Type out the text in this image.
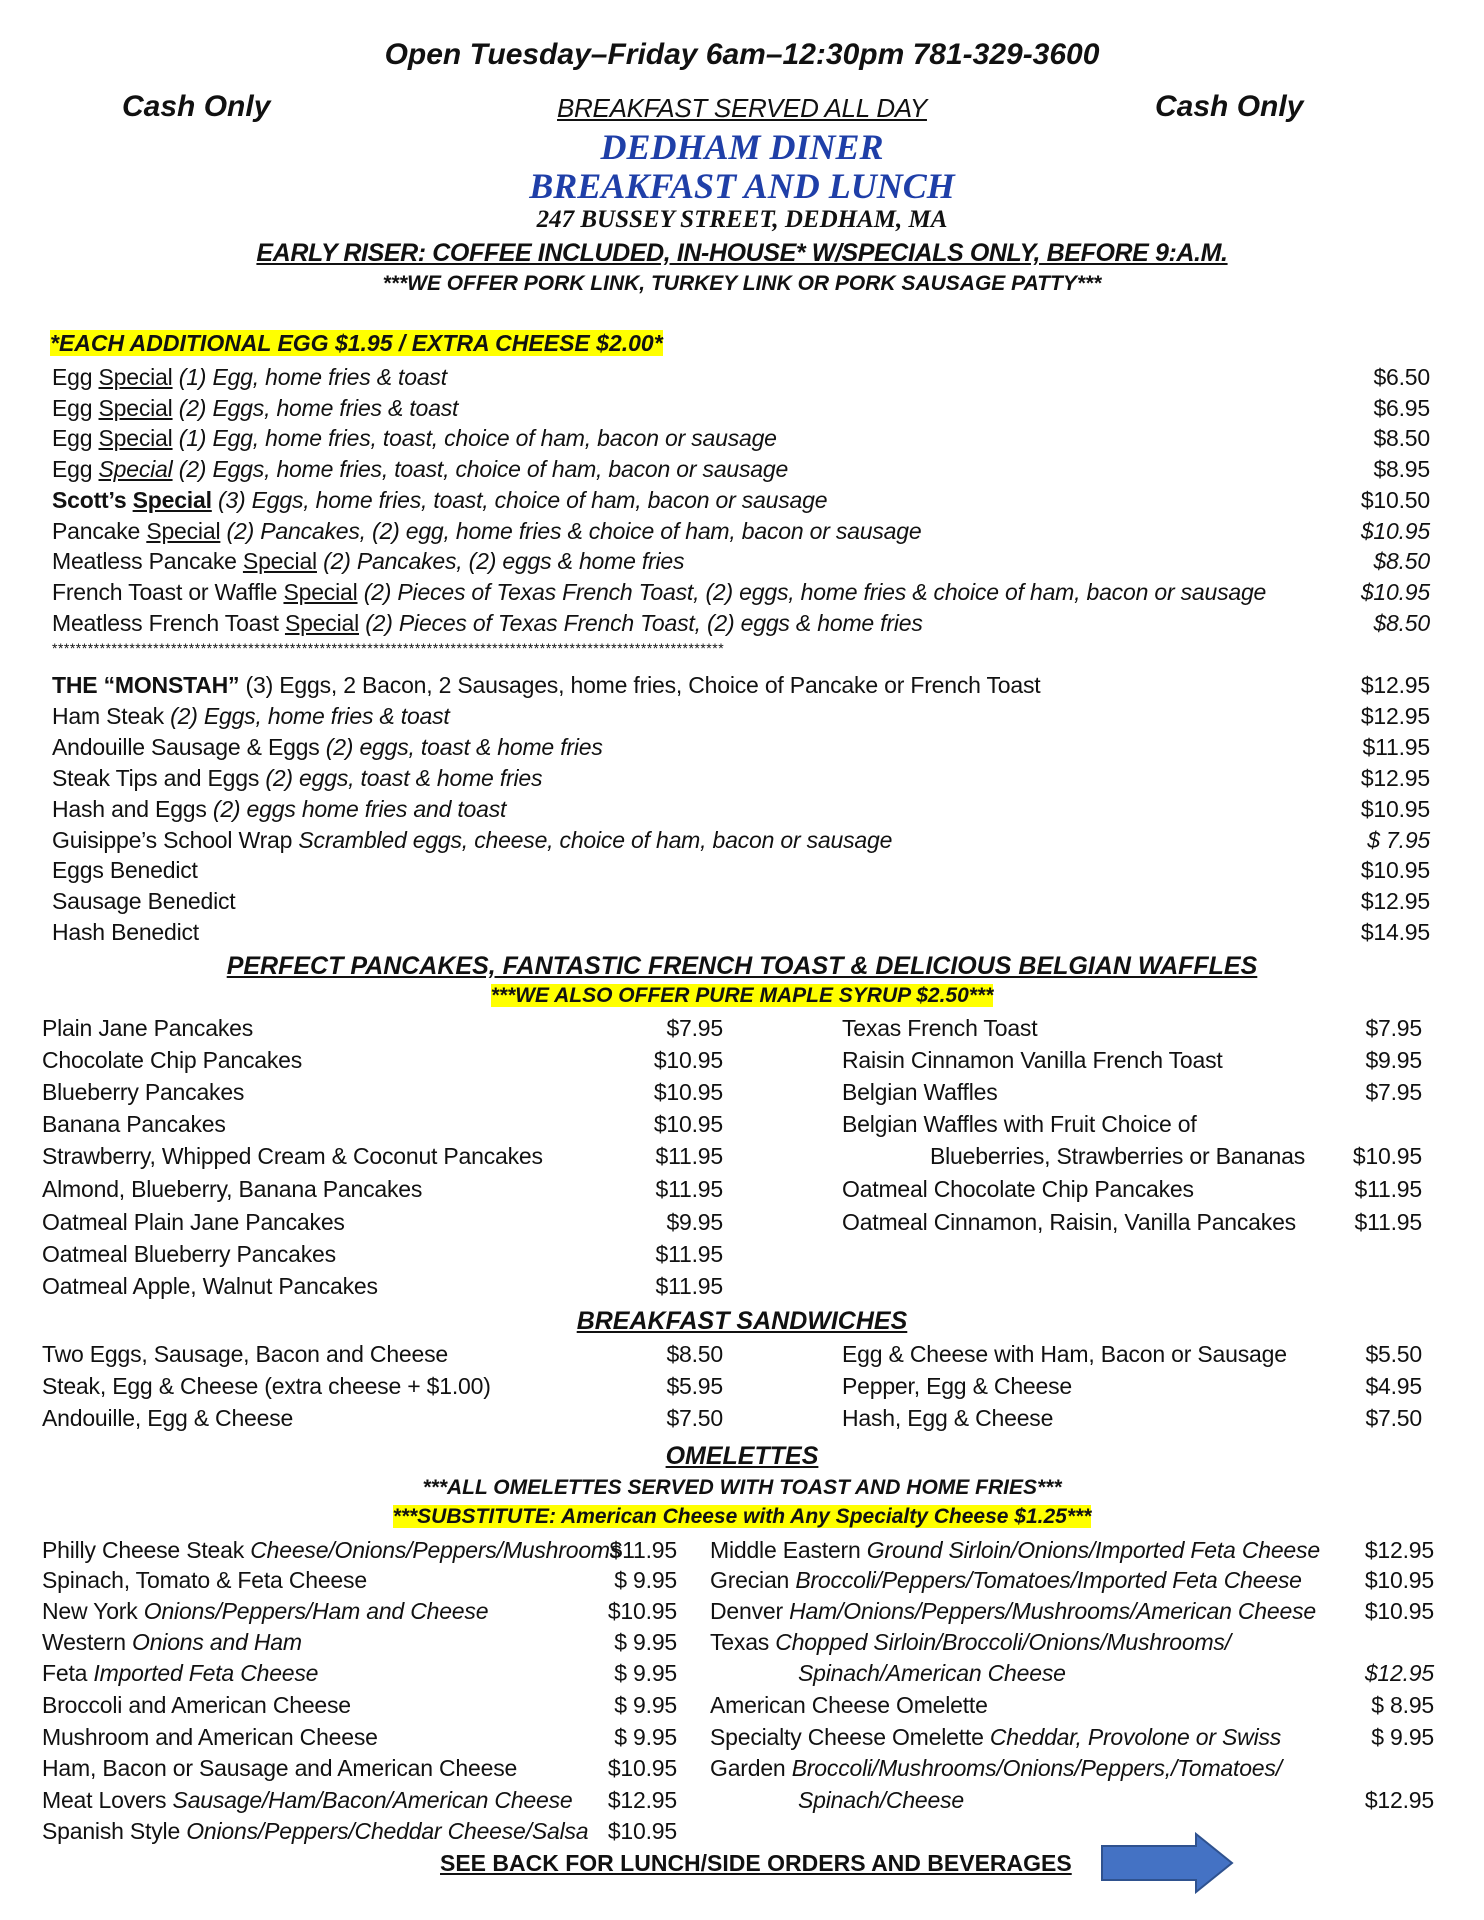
Open Tuesday–Friday 6am–12:30pm 781-329-3600
Cash Only	Cash Only
BREAKFAST SERVED ALL DAY
DEDHAM DINER
BREAKFAST AND LUNCH
247 BUSSEY STREET, DEDHAM, MA
EARLY RISER: COFFEE INCLUDED, IN-HOUSE* W/SPECIALS ONLY, BEFORE 9:A.M.
***WE OFFER PORK LINK, TURKEY LINK OR PORK SAUSAGE PATTY***
*EACH ADDITIONAL EGG $1.95 / EXTRA CHEESE $2.00*
Egg Special (1) Egg, home fries & toast	$6.50
Egg Special (2) Eggs, home fries & toast	$6.95
Egg Special (1) Egg, home fries, toast, choice of ham, bacon or sausage	$8.50
Egg Special (2) Eggs, home fries, toast, choice of ham, bacon or sausage	$8.95
Scott’s Special (3) Eggs, home fries, toast, choice of ham, bacon or sausage	$10.50
Pancake Special (2) Pancakes, (2) egg, home fries & choice of ham, bacon or sausage	$10.95
Meatless Pancake Special (2) Pancakes, (2) eggs & home fries	$8.50
French Toast or Waffle Special (2) Pieces of Texas French Toast, (2) eggs, home fries & choice of ham, bacon or sausage	$10.95
Meatless French Toast Special (2) Pieces of Texas French Toast, (2) eggs & home fries	$8.50
*****************************************************************************************************************
THE “MONSTAH” (3) Eggs, 2 Bacon, 2 Sausages, home fries, Choice of Pancake or French Toast	$12.95
Ham Steak (2) Eggs, home fries & toast	$12.95
Andouille Sausage & Eggs (2) eggs, toast & home fries	$11.95
Steak Tips and Eggs (2) eggs, toast & home fries	$12.95
Hash and Eggs (2) eggs home fries and toast	$10.95
Guisippe’s School Wrap Scrambled eggs, cheese, choice of ham, bacon or sausage	$ 7.95
Eggs Benedict	$10.95
Sausage Benedict	$12.95
Hash Benedict	$14.95
PERFECT PANCAKES, FANTASTIC FRENCH TOAST & DELICIOUS BELGIAN WAFFLES
***WE ALSO OFFER PURE MAPLE SYRUP $2.50***
Plain Jane Pancakes	$7.95
Chocolate Chip Pancakes	$10.95
Blueberry Pancakes	$10.95
Banana Pancakes	$10.95
Strawberry, Whipped Cream & Coconut Pancakes	$11.95
Almond, Blueberry, Banana Pancakes	$11.95
Oatmeal Plain Jane Pancakes	$9.95
Oatmeal Blueberry Pancakes	$11.95
Oatmeal Apple, Walnut Pancakes	$11.95
Texas French Toast	$7.95
Raisin Cinnamon Vanilla French Toast	$9.95
Belgian Waffles	$7.95
Belgian Waffles with Fruit Choice of
Blueberries, Strawberries or Bananas	$10.95
Oatmeal Chocolate Chip Pancakes	$11.95
Oatmeal Cinnamon, Raisin, Vanilla Pancakes	$11.95
BREAKFAST SANDWICHES
Two Eggs, Sausage, Bacon and Cheese	$8.50
Steak, Egg & Cheese (extra cheese + $1.00)	$5.95
Andouille, Egg & Cheese	$7.50
Egg & Cheese with Ham, Bacon or Sausage	$5.50
Pepper, Egg & Cheese	$4.95
Hash, Egg & Cheese	$7.50
OMELETTES
***ALL OMELETTES SERVED WITH TOAST AND HOME FRIES***
***SUBSTITUTE: American Cheese with Any Specialty Cheese $1.25***
Philly Cheese Steak Cheese/Onions/Peppers/Mushrooms
$11.95
Spinach, Tomato & Feta Cheese	$ 9.95
New York Onions/Peppers/Ham and Cheese	$10.95
Western Onions and Ham	$ 9.95
Feta Imported Feta Cheese	$ 9.95
Broccoli and American Cheese	$ 9.95
Mushroom and American Cheese	$ 9.95
Ham, Bacon or Sausage and American Cheese	$10.95
Meat Lovers Sausage/Ham/Bacon/American Cheese	$12.95
Spanish Style Onions/Peppers/Cheddar Cheese/Salsa $10.95
Middle Eastern Ground Sirloin/Onions/Imported Feta Cheese	$12.95
Grecian Broccoli/Peppers/Tomatoes/Imported Feta Cheese	$10.95
Denver Ham/Onions/Peppers/Mushrooms/American Cheese	$10.95
Texas Chopped Sirloin/Broccoli/Onions/Mushrooms/
Spinach/American Cheese	$12.95
American Cheese Omelette	$ 8.95
Specialty Cheese Omelette Cheddar, Provolone or Swiss	$ 9.95
Garden Broccoli/Mushrooms/Onions/Peppers,/Tomatoes/
Spinach/Cheese	$12.95
SEE BACK FOR LUNCH/SIDE ORDERS AND BEVERAGES
